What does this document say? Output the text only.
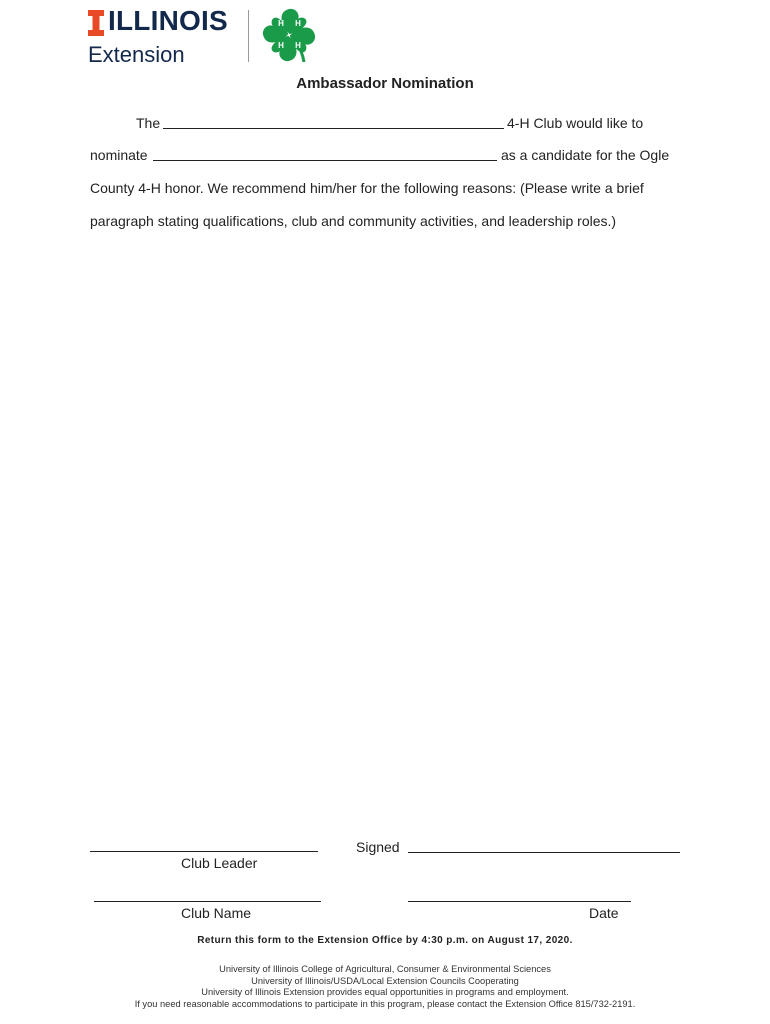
ILLINOIS
Extension
H H
H H
Ambassador Nomination
The	4-H Club would like to
nominate	as a candidate for the Ogle
County 4-H honor. We recommend him/her for the following reasons: (Please write a brief
paragraph stating qualifications, club and community activities, and leadership roles.)
Club Leader
Signed
Club Name	Date
Return this form to the Extension Office by 4:30 p.m. on August 17, 2020.
University of Illinois College of Agricultural, Consumer & Environmental Sciences
University of Illinois/USDA/Local Extension Councils Cooperating
University of Illinois Extension provides equal opportunities in programs and employment.
If you need reasonable accommodations to participate in this program, please contact the Extension Office 815/732-2191.
